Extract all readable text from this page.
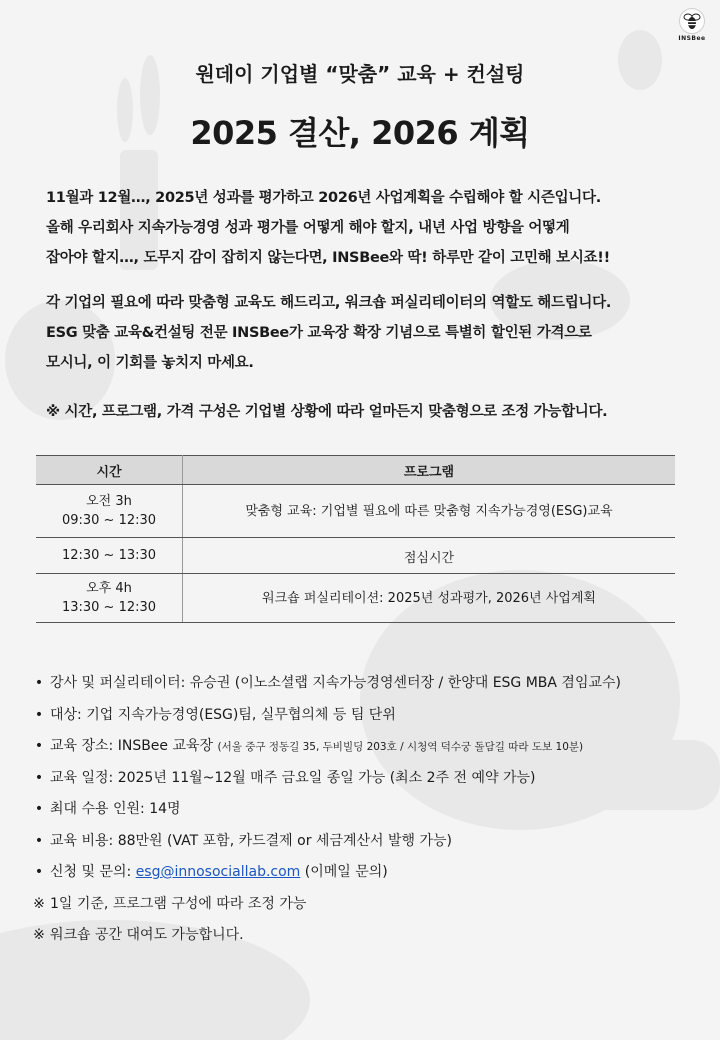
INSBee
원데이 기업별 “맞춤” 교육 + 컨설팅
2025 결산, 2026 계획
11월과 12월…, 2025년 성과를 평가하고 2026년 사업계획을 수립해야 할 시즌입니다.
올해 우리회사 지속가능경영 성과 평가를 어떻게 해야 할지, 내년 사업 방향을 어떻게
잡아야 할지…, 도무지 감이 잡히지 않는다면, INSBee와 딱! 하루만 같이 고민해 보시죠!!
각 기업의 필요에 따라 맞춤형 교육도 해드리고, 워크숍 퍼실리테이터의 역할도 해드립니다.
ESG 맞춤 교육&컨설팅 전문 INSBee가 교육장 확장 기념으로 특별히 할인된 가격으로
모시니, 이 기회를 놓치지 마세요.
※ 시간, 프로그램, 가격 구성은 기업별 상황에 따라 얼마든지 맞춤형으로 조정 가능합니다.
시간	프로그램

오전 3h
09:30 ~ 12:30	맞춤형 교육: 기업별 필요에 따른 맞춤형 지속가능경영(ESG)교육
12:30 ~ 13:30	점심시간

오후 4h
13:30 ~ 12:30	워크숍 퍼실리테이션: 2025년 성과평가, 2026년 사업계획
• 강사 및 퍼실리테이터: 유승권 (이노소셜랩 지속가능경영센터장 / 한양대 ESG MBA 겸임교수)
• 대상: 기업 지속가능경영(ESG)팀, 실무협의체 등 팀 단위
• 교육 장소: INSBee 교육장 (서울 중구 정동길 35, 두비빌딩 203호 / 시청역 덕수궁 돌담길 따라 도보 10분)
• 교육 일정: 2025년 11월~12월 매주 금요일 종일 가능 (최소 2주 전 예약 가능)
• 최대 수용 인원: 14명
• 교육 비용: 88만원 (VAT 포함, 카드결제 or 세금계산서 발행 가능)
• 신청 및 문의: esg@innosociallab.com (이메일 문의)
※ 1일 기준, 프로그램 구성에 따라 조정 가능
※ 워크숍 공간 대여도 가능합니다.
